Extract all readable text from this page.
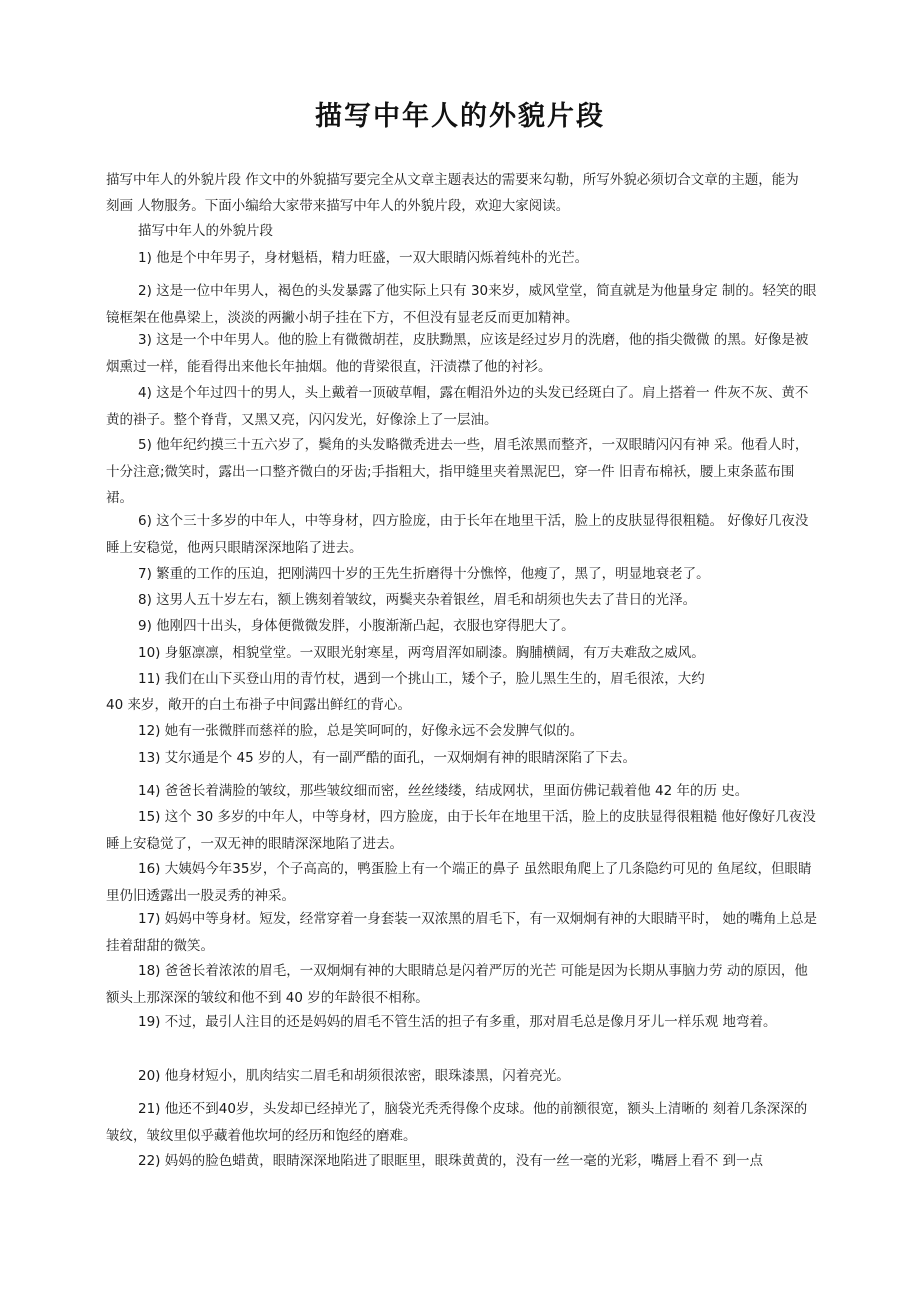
描写中年人的外貌片段
描写中年人的外貌片段 作文中的外貌描写要完全从文章主题表达的需要来勾勒，所写外貌必须切合文章的主题，能为刻画 人物服务。下面小编给大家带来描写中年人的外貌片段，欢迎大家阅读。
描写中年人的外貌片段
1) 他是个中年男子，身材魁梧，精力旺盛，一双大眼睛闪烁着纯朴的光芒。
2) 这是一位中年男人，褐色的头发暴露了他实际上只有 30来岁，威风堂堂，简直就是为他量身定 制的。轻笑的眼镜框架在他鼻梁上，淡淡的两撇小胡子挂在下方，不但没有显老反而更加精神。
3) 这是一个中年男人。他的脸上有微微胡茬，皮肤黝黑，应该是经过岁月的洗磨，他的指尖微微 的黑。好像是被烟熏过一样，能看得出来他长年抽烟。他的背梁很直，汗渍襟了他的衬衫。
4) 这是个年过四十的男人，头上戴着一顶破草帽，露在帽沿外边的头发已经斑白了。肩上搭着一 件灰不灰、黄不黄的褂子。整个脊背，又黑又亮，闪闪发光，好像涂上了一层油。
5) 他年纪约摸三十五六岁了，鬓角的头发略微秃进去一些，眉毛浓黑而整齐，一双眼睛闪闪有神 采。他看人时，十分注意;微笑时，露出一口整齐微白的牙齿;手指粗大，指甲缝里夹着黑泥巴，穿一件 旧青布棉袄，腰上束条蓝布围裙。
6) 这个三十多岁的中年人，中等身材，四方脸庞，由于长年在地里干活，脸上的皮肤显得很粗糙。 好像好几夜没睡上安稳觉，他两只眼睛深深地陷了进去。
7) 繁重的工作的压迫，把刚满四十岁的王先生折磨得十分憔悴，他瘦了，黑了，明显地衰老了。
8) 这男人五十岁左右，额上镌刻着皱纹，两鬓夹杂着银丝，眉毛和胡须也失去了昔日的光泽。
9) 他刚四十出头，身体便微微发胖，小腹渐渐凸起，衣服也穿得肥大了。
10) 身躯凛凛，相貌堂堂。一双眼光射寒星，两弯眉浑如刷漆。胸脯横阔，有万夫难敌之威风。
11) 我们在山下买登山用的青竹杖，遇到一个挑山工，矮个子，脸儿黑生生的，眉毛很浓，大约
40 来岁，敞开的白土布褂子中间露出鲜红的背心。
12) 她有一张微胖而慈祥的脸，总是笑呵呵的，好像永远不会发脾气似的。
13) 艾尔通是个 45 岁的人，有一副严酷的面孔，一双炯炯有神的眼睛深陷了下去。
14) 爸爸长着满脸的皱纹，那些皱纹细而密，丝丝缕缕，结成网状，里面仿佛记载着他 42 年的历 史。
15) 这个 30 多岁的中年人，中等身材，四方脸庞，由于长年在地里干活，脸上的皮肤显得很粗糙 他好像好几夜没睡上安稳觉了，一双无神的眼睛深深地陷了进去。
16) 大姨妈今年35岁，个子高高的，鸭蛋脸上有一个端正的鼻子 虽然眼角爬上了几条隐约可见的 鱼尾纹，但眼睛里仍旧透露出一股灵秀的神采。
17) 妈妈中等身材。短发，经常穿着一身套装一双浓黑的眉毛下，有一双炯炯有神的大眼睛平时， 她的嘴角上总是挂着甜甜的微笑。
18) 爸爸长着浓浓的眉毛，一双炯炯有神的大眼睛总是闪着严厉的光芒 可能是因为长期从事脑力劳 动的原因，他额头上那深深的皱纹和他不到 40 岁的年龄很不相称。
19) 不过，最引人注目的还是妈妈的眉毛不管生活的担子有多重，那对眉毛总是像月牙儿一样乐观 地弯着。
20) 他身材短小，肌肉结实二眉毛和胡须很浓密，眼珠漆黑，闪着亮光。
21) 他还不到40岁，头发却已经掉光了，脑袋光秃秃得像个皮球。他的前额很宽，额头上清晰的 刻着几条深深的皱纹，皱纹里似乎藏着他坎坷的经历和饱经的磨难。
22) 妈妈的脸色蜡黄，眼睛深深地陷进了眼眶里，眼珠黄黄的，没有一丝一毫的光彩，嘴唇上看不 到一点
